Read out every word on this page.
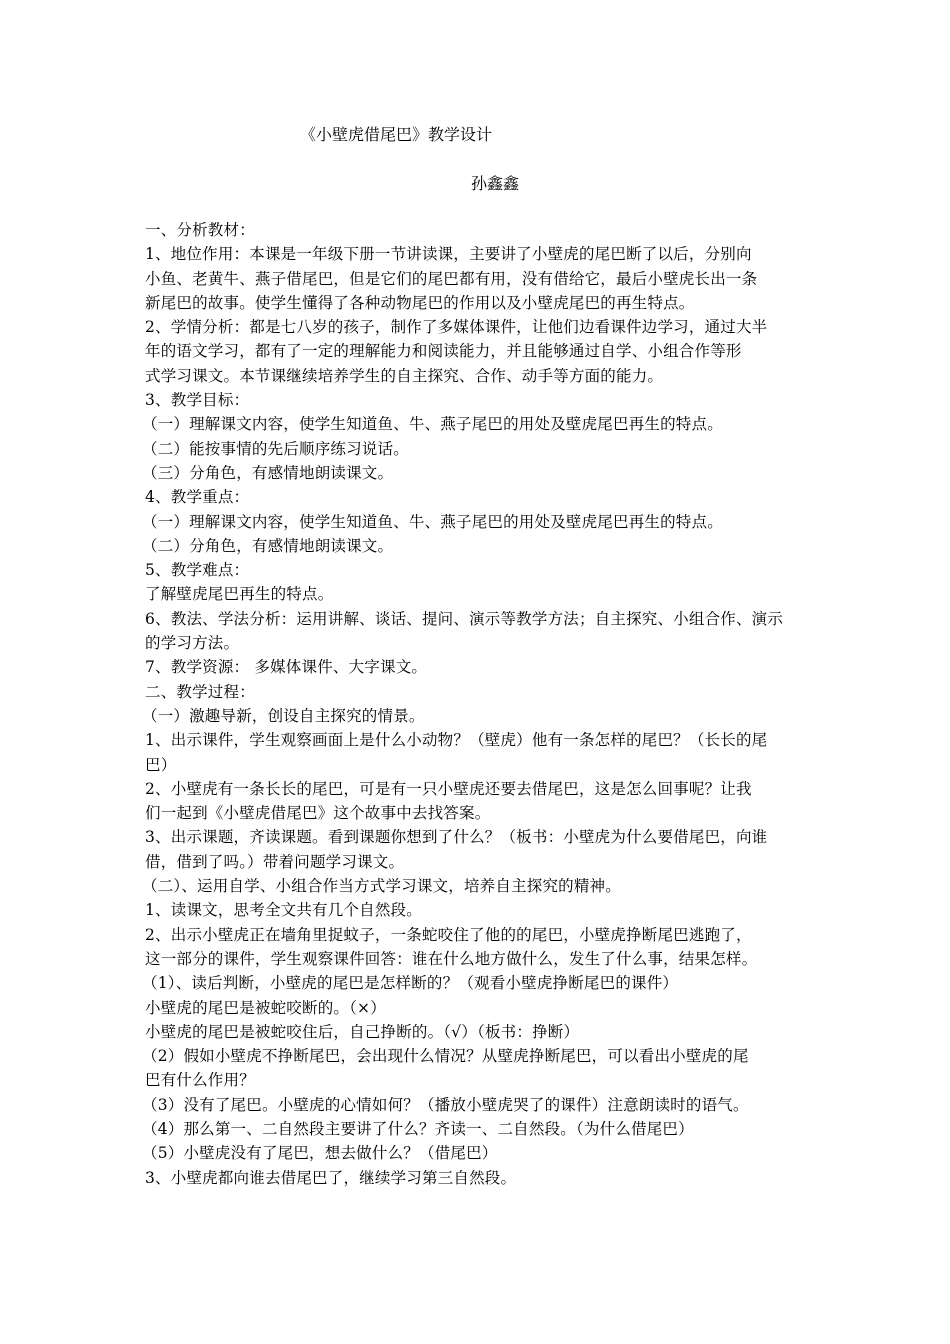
《小壁虎借尾巴》教学设计
孙鑫鑫
一、分析教材：
1、地位作用：本课是一年级下册一节讲读课，主要讲了小壁虎的尾巴断了以后，分别向
小鱼、老黄牛、燕子借尾巴，但是它们的尾巴都有用，没有借给它，最后小壁虎长出一条
新尾巴的故事。使学生懂得了各种动物尾巴的作用以及小壁虎尾巴的再生特点。
2、学情分析：都是七八岁的孩子，制作了多媒体课件，让他们边看课件边学习，通过大半
年的语文学习，都有了一定的理解能力和阅读能力，并且能够通过自学、小组合作等形
式学习课文。本节课继续培养学生的自主探究、合作、动手等方面的能力。
3、教学目标：
（一）理解课文内容，使学生知道鱼、牛、燕子尾巴的用处及壁虎尾巴再生的特点。
（二）能按事情的先后顺序练习说话。
（三）分角色，有感情地朗读课文。
4、教学重点：
（一）理解课文内容，使学生知道鱼、牛、燕子尾巴的用处及壁虎尾巴再生的特点。
（二）分角色，有感情地朗读课文。
5、教学难点：
了解壁虎尾巴再生的特点。
6、教法、学法分析：运用讲解、谈话、提问、演示等教学方法；自主探究、小组合作、演示
的学习方法。
7、教学资源： 多媒体课件、大字课文。
二、教学过程：
（一）激趣导新，创设自主探究的情景。
1、出示课件，学生观察画面上是什么小动物？（壁虎）他有一条怎样的尾巴？（长长的尾
巴）
2、小壁虎有一条长长的尾巴，可是有一只小壁虎还要去借尾巴，这是怎么回事呢？让我
们一起到《小壁虎借尾巴》这个故事中去找答案。
3、出示课题，齐读课题。看到课题你想到了什么？（板书：小壁虎为什么要借尾巴，向谁
借，借到了吗。）带着问题学习课文。
（二）、运用自学、小组合作当方式学习课文，培养自主探究的精神。
1、读课文，思考全文共有几个自然段。
2、出示小壁虎正在墙角里捉蚊子，一条蛇咬住了他的的尾巴，小壁虎挣断尾巴逃跑了，
这一部分的课件，学生观察课件回答：谁在什么地方做什么，发生了什么事，结果怎样。
（1）、读后判断，小壁虎的尾巴是怎样断的？（观看小壁虎挣断尾巴的课件）
小壁虎的尾巴是被蛇咬断的。（×）
小壁虎的尾巴是被蛇咬住后，自己挣断的。（√）（板书：挣断）
（2）假如小壁虎不挣断尾巴，会出现什么情况？从壁虎挣断尾巴，可以看出小壁虎的尾
巴有什么作用？
（3）没有了尾巴。小壁虎的心情如何？（播放小壁虎哭了的课件）注意朗读时的语气。
（4）那么第一、二自然段主要讲了什么？齐读一、二自然段。（为什么借尾巴）
（5）小壁虎没有了尾巴，想去做什么？（借尾巴）
3、小壁虎都向谁去借尾巴了，继续学习第三自然段。
